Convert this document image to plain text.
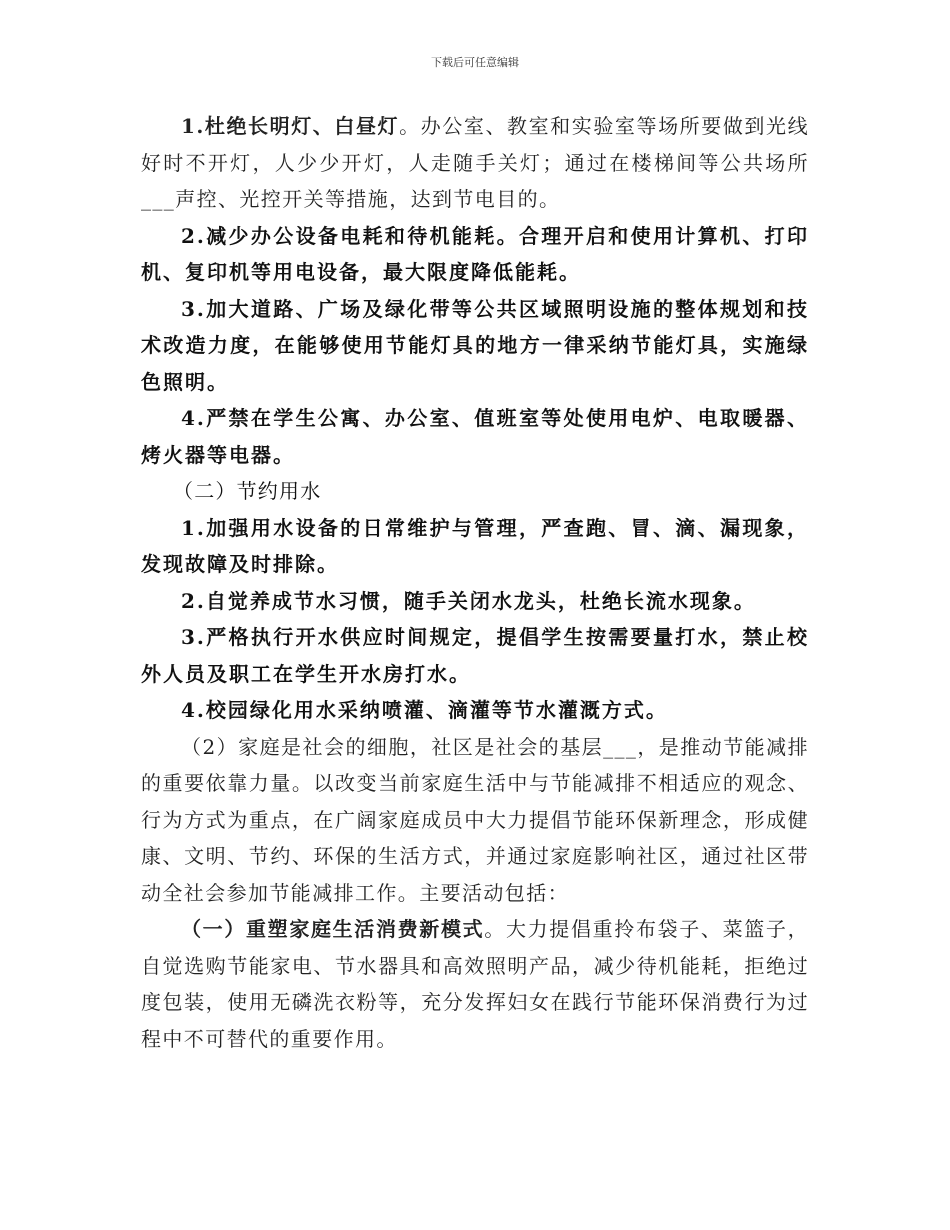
下载后可任意编辑

1.杜绝长明灯、白昼灯。办公室、教室和实验室等场所要做到光线好时不开灯，人少少开灯，人走随手关灯；通过在楼梯间等公共场所___声控、光控开关等措施，达到节电目的。

2.减少办公设备电耗和待机能耗。合理开启和使用计算机、打印机、复印机等用电设备，最大限度降低能耗。

3.加大道路、广场及绿化带等公共区域照明设施的整体规划和技术改造力度，在能够使用节能灯具的地方一律采纳节能灯具，实施绿色照明。

4.严禁在学生公寓、办公室、值班室等处使用电炉、电取暖器、烤火器等电器。

（二）节约用水

1.加强用水设备的日常维护与管理，严查跑、冒、滴、漏现象，发现故障及时排除。

2.自觉养成节水习惯，随手关闭水龙头，杜绝长流水现象。

3.严格执行开水供应时间规定，提倡学生按需要量打水，禁止校外人员及职工在学生开水房打水。

4.校园绿化用水采纳喷灌、滴灌等节水灌溉方式。

（2）家庭是社会的细胞，社区是社会的基层___，是推动节能减排的重要依靠力量。以改变当前家庭生活中与节能减排不相适应的观念、行为方式为重点，在广阔家庭成员中大力提倡节能环保新理念，形成健康、文明、节约、环保的生活方式，并通过家庭影响社区，通过社区带动全社会参加节能减排工作。主要活动包括：

（一）重塑家庭生活消费新模式。大力提倡重拎布袋子、菜篮子，自觉选购节能家电、节水器具和高效照明产品，减少待机能耗，拒绝过度包装，使用无磷洗衣粉等，充分发挥妇女在践行节能环保消费行为过程中不可替代的重要作用。
